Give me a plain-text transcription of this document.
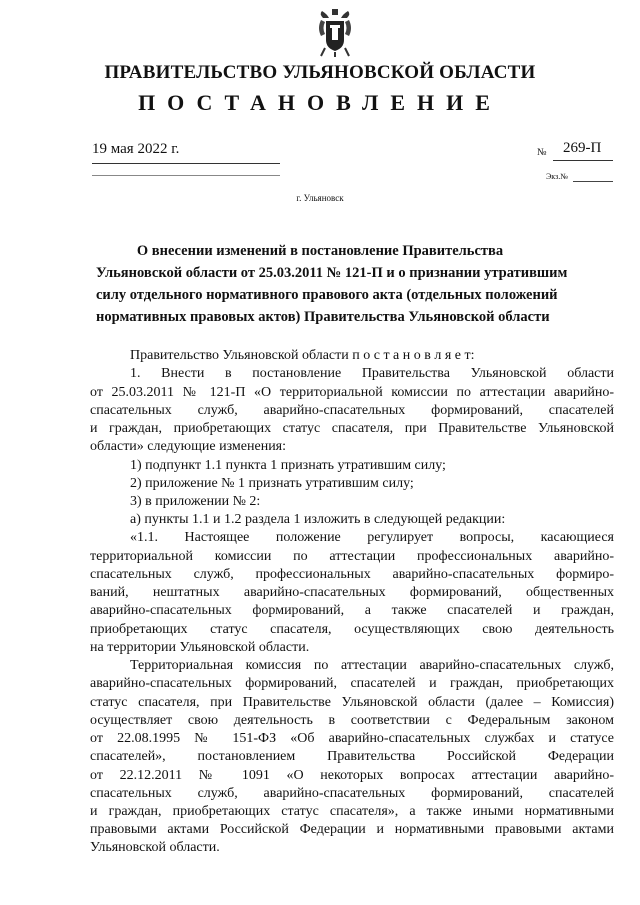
ПРАВИТЕЛЬСТВО УЛЬЯНОВСКОЙ ОБЛАСТИ
ПОСТАНОВЛЕНИЕ
19 мая 2022 г.	№ 269-П
Экз.№
г. Ульяновск
О внесении изменений в постановление Правительства
Ульяновской области от 25.03.2011 № 121-П и о признании утратившим
силу отдельного нормативного правового акта (отдельных положений
нормативных правовых актов) Правительства Ульяновской области
Правительство Ульяновской области п о с т а н о в л я е т:
1. Внести в постановление Правительства Ульяновской области
от 25.03.2011 № 121-П «О территориальной комиссии по аттестации аварийно-
спасательных служб, аварийно-спасательных формирований, спасателей
и граждан, приобретающих статус спасателя, при Правительстве Ульяновской
области» следующие изменения:
1) подпункт 1.1 пункта 1 признать утратившим силу;
2) приложение № 1 признать утратившим силу;
3) в приложении № 2:
а) пункты 1.1 и 1.2 раздела 1 изложить в следующей редакции:
«1.1. Настоящее положение регулирует вопросы, касающиеся
территориальной комиссии по аттестации профессиональных аварийно-
спасательных служб, профессиональных аварийно-спасательных формиро-
ваний, нештатных аварийно-спасательных формирований, общественных
аварийно-спасательных формирований, а также спасателей и граждан,
приобретающих статус спасателя, осуществляющих свою деятельность
на территории Ульяновской области.
Территориальная комиссия по аттестации аварийно-спасательных служб,
аварийно-спасательных формирований, спасателей и граждан, приобретающих
статус спасателя, при Правительстве Ульяновской области (далее – Комиссия)
осуществляет свою деятельность в соответствии с Федеральным законом
от 22.08.1995 № 151-ФЗ «Об аварийно-спасательных службах и статусе
спасателей», постановлением Правительства Российской Федерации
от 22.12.2011 № 1091 «О некоторых вопросах аттестации аварийно-
спасательных служб, аварийно-спасательных формирований, спасателей
и граждан, приобретающих статус спасателя», а также иными нормативными
правовыми актами Российской Федерации и нормативными правовыми актами
Ульяновской области.
